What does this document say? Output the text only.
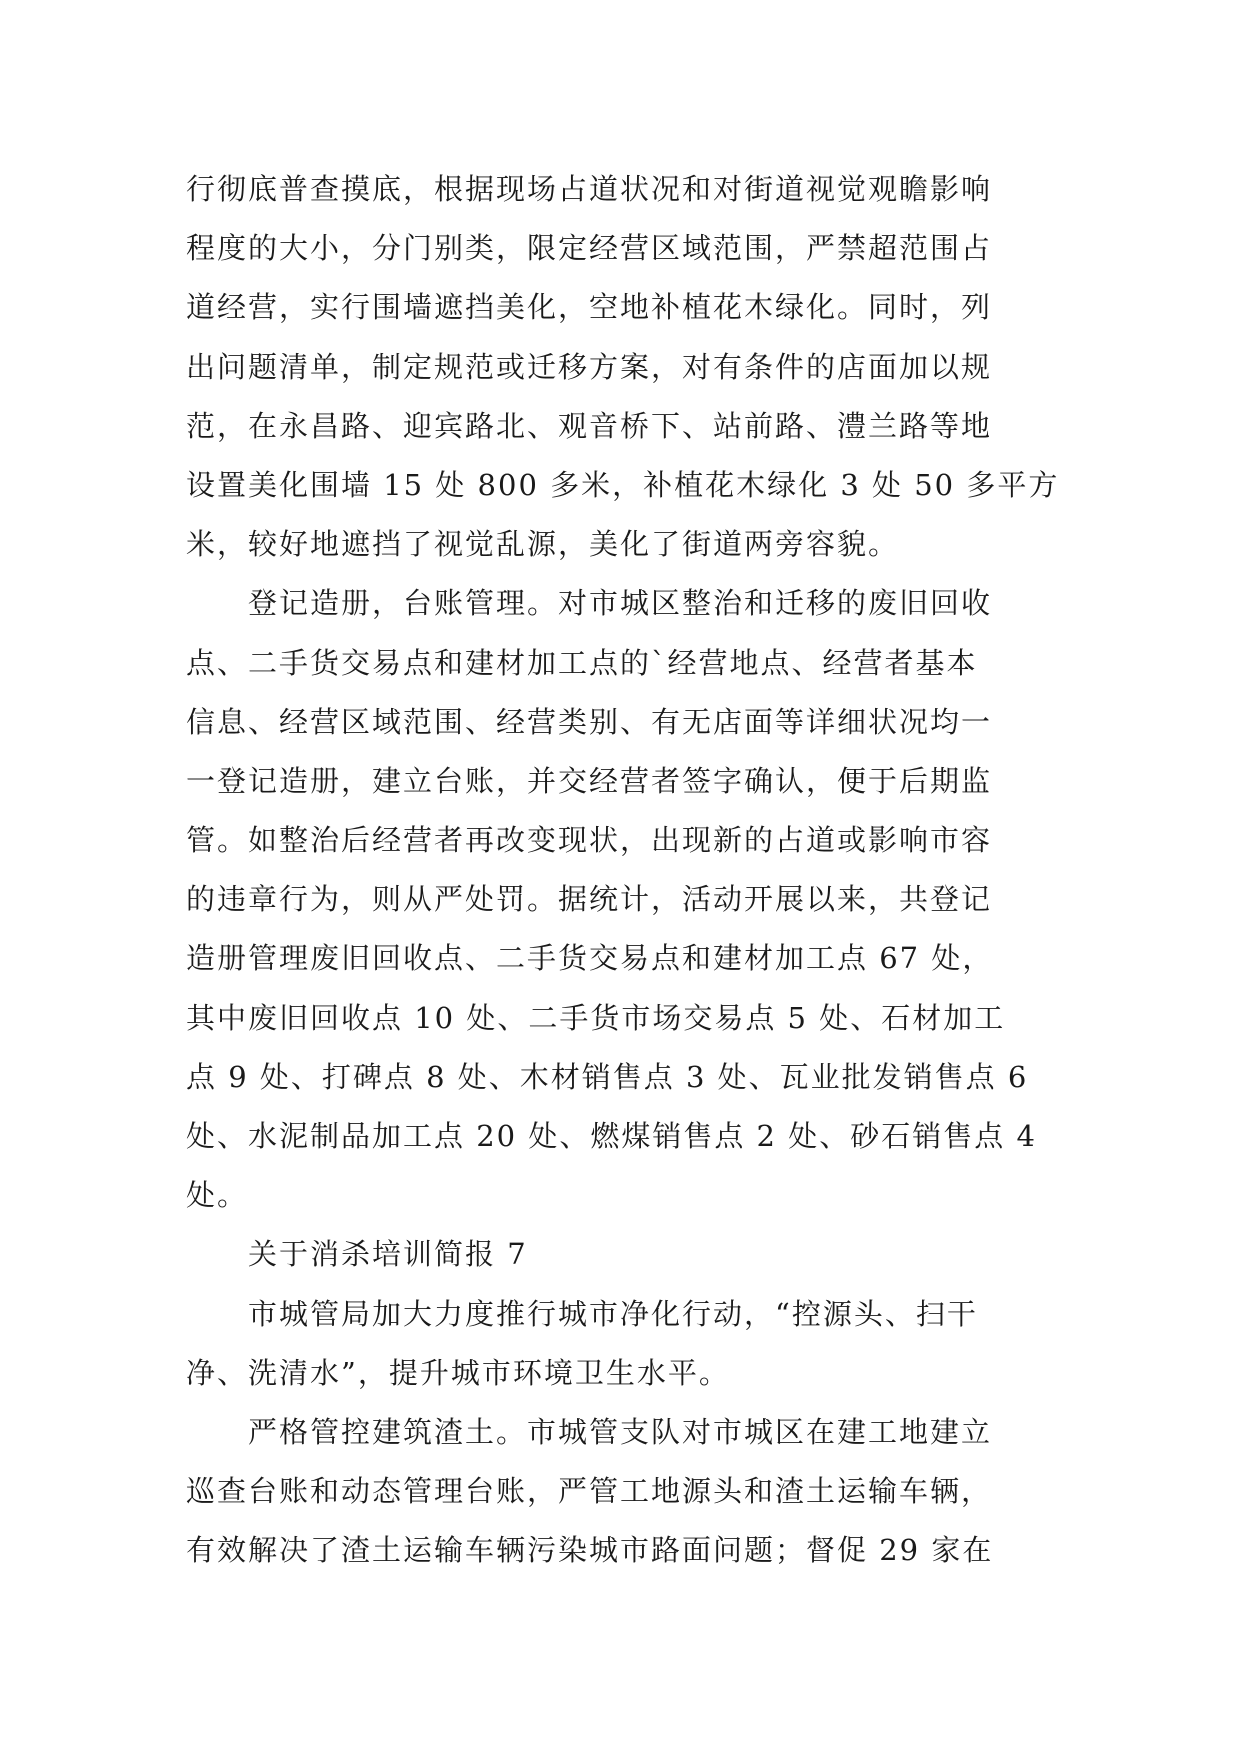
行彻底普查摸底，根据现场占道状况和对街道视觉观瞻影响
程度的大小，分门别类，限定经营区域范围，严禁超范围占
道经营，实行围墙遮挡美化，空地补植花木绿化。同时，列
出问题清单，制定规范或迁移方案，对有条件的店面加以规
范，在永昌路、迎宾路北、观音桥下、站前路、澧兰路等地
设置美化围墙 15 处 800 多米，补植花木绿化 3 处 50 多平方
米，较好地遮挡了视觉乱源，美化了街道两旁容貌。
　　登记造册，台账管理。对市城区整治和迁移的废旧回收
点、二手货交易点和建材加工点的`经营地点、经营者基本
信息、经营区域范围、经营类别、有无店面等详细状况均一
一登记造册，建立台账，并交经营者签字确认，便于后期监
管。如整治后经营者再改变现状，出现新的占道或影响市容
的违章行为，则从严处罚。据统计，活动开展以来，共登记
造册管理废旧回收点、二手货交易点和建材加工点 67 处，
其中废旧回收点 10 处、二手货市场交易点 5 处、石材加工
点 9 处、打碑点 8 处、木材销售点 3 处、瓦业批发销售点 6
处、水泥制品加工点 20 处、燃煤销售点 2 处、砂石销售点 4
处。
　　关于消杀培训简报 7
　　市城管局加大力度推行城市净化行动，“控源头、扫干
净、洗清水”，提升城市环境卫生水平。
　　严格管控建筑渣土。市城管支队对市城区在建工地建立
巡查台账和动态管理台账，严管工地源头和渣土运输车辆，
有效解决了渣土运输车辆污染城市路面问题；督促 29 家在
